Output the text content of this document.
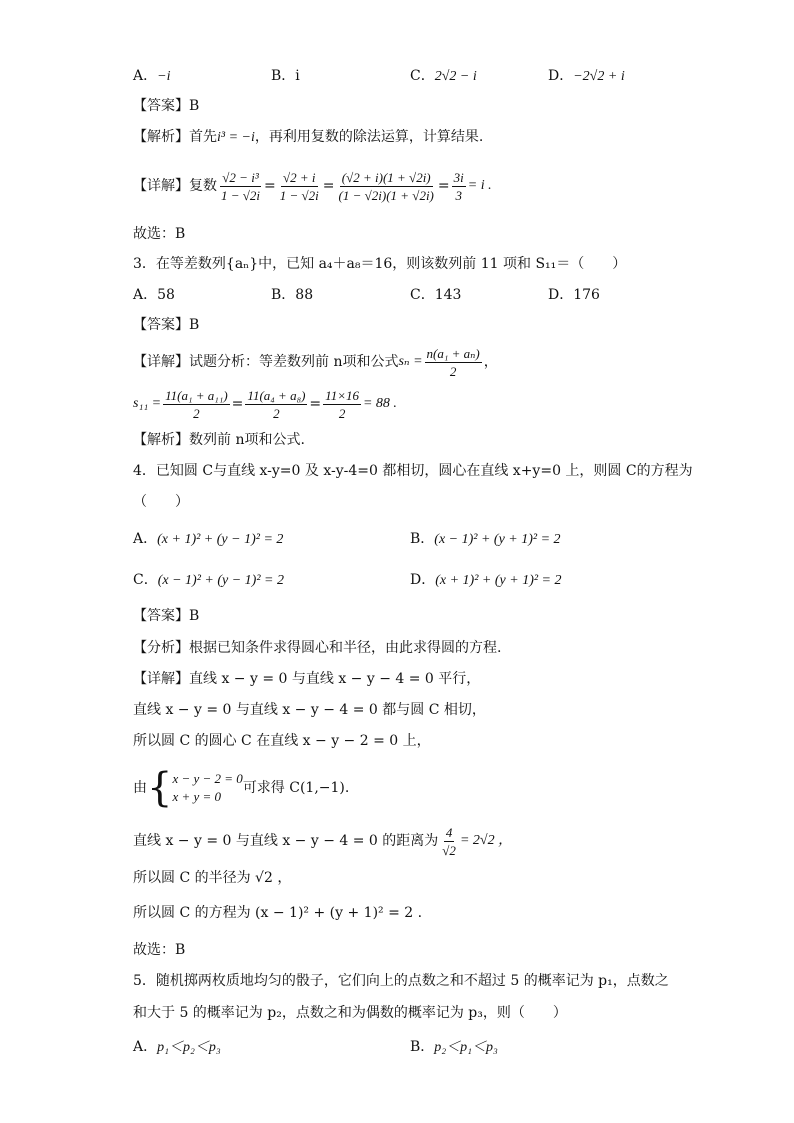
A．−i	B．i	C．2√2 − i	D．−2√2 + i
【答案】B
【解析】首先i³ = −i，再利用复数的除法运算，计算结果.
【详解】 复数 $\frac{\text{√2 − i³}}{1 - √2i} = \frac{√2 + i}{1 - √2i} = \frac{(√2 + i)(1 + √2i)}{(1 - √2i)(1 + √2i)} = \frac{3i}{3} = i$ .
故选：B
3．在等差数列{aₙ}中，已知 a₄＋a₈＝16，则该数列前 11 项和 S₁₁＝（　　）
A．58	B．88	C．143	D．176
【答案】B
【详解】 试题分析：等差数列前 n项和公式 $s_n = \frac{\text{n(a₁ + aₙ)}}{2}$ ，
$s_{11} = \frac{\text{11(a₁ + a₁₁)}}{2} = \frac{\text{11(a₄ + a₈)}}{2} = \frac{11\times 16}{2} = 88$ .
【解析】数列前 n项和公式.
4．已知圆 C与直线 x-y=0 及 x-y-4=0 都相切，圆心在直线 x+y=0 上，则圆 C的方程为
（　　）
A．(x + 1)² + (y − 1)² = 2	B．(x − 1)² + (y + 1)² = 2
C．(x − 1)² + (y − 1)² = 2	D．(x + 1)² + (y + 1)² = 2
【答案】B
【分析】根据已知条件求得圆心和半径，由此求得圆的方程.
【详解】直线 x − y = 0 与直线 x − y − 4 = 0 平行，
直线 x − y = 0 与直线 x − y − 4 = 0 都与圆 C 相切，
所以圆 C 的圆心 C 在直线 x − y − 2 = 0 上，
由 { x − y − 2 = 0
x + y = 0
可求得 C(1,−1).
直线 x − y = 0 与直线 x − y − 4 = 0 的距离为 $\frac{4}{√2} = 2√2$ ，
所以圆 C 的半径为 √2 ，
所以圆 C 的方程为 (x − 1)² + (y + 1)² = 2 .
故选：B
5．随机掷两枚质地均匀的骰子，它们向上的点数之和不超过 5 的概率记为 p₁，点数之
和大于 5 的概率记为 p₂，点数之和为偶数的概率记为 p₃，则（　　）
A．p₁＜p₂＜p₃	B．p₂＜p₁＜p₃
